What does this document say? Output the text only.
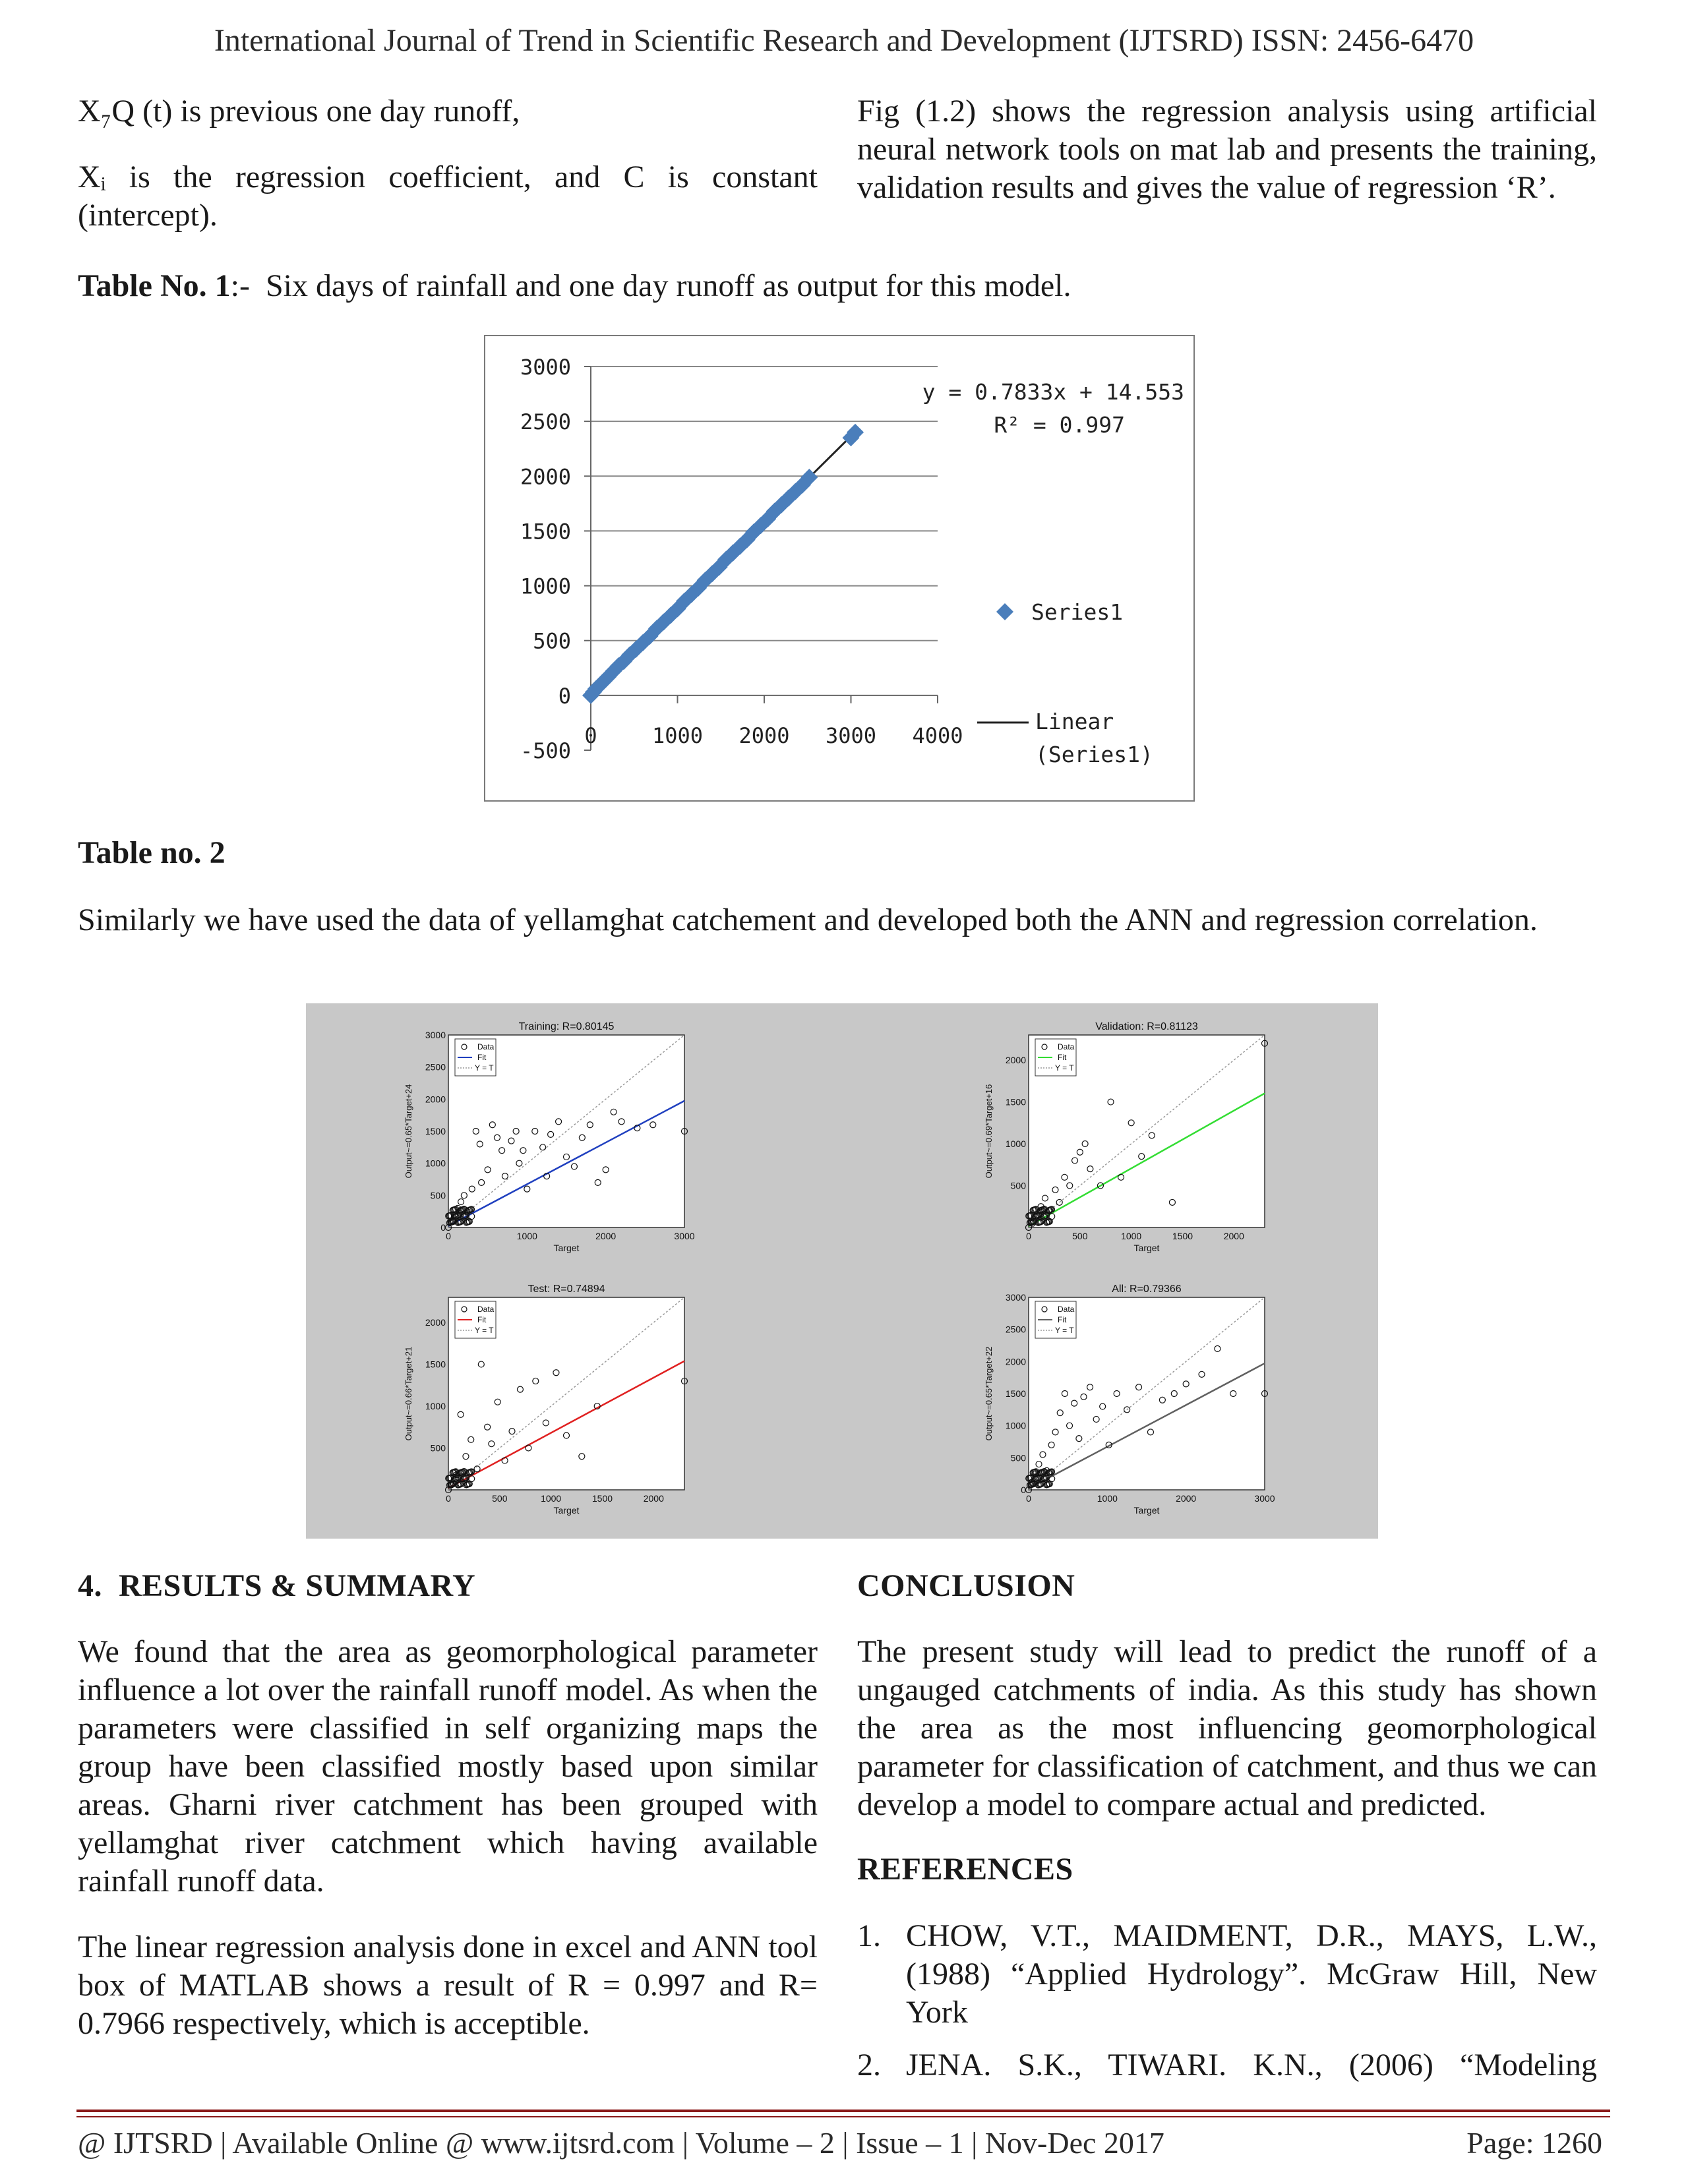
International Journal of Trend in Scientific Research and Development (IJTSRD) ISSN: 2456-6470
X₇Q (t) is previous one day runoff,
Xᵢ is the regression coefficient, and C is constant (intercept).
Fig (1.2) shows the regression analysis using artificial neural network tools on mat lab and presents the training, validation results and gives the value of regression ‘R’.
Table No. 1:- Six days of rainfall and one day runoff as output for this model.
3000
2500
2000
1500
1000
500
0
-500
0	1000 2000 3000 4000
y = 0.7833x + 14.553
R² = 0.997
Series1
Linear
(Series1)
Table no. 2
Similarly we have used the data of yellamghat catchement and developed both the ANN and regression correlation.
Training: R=0.80145
3000
2500
2000
1500
1000
500
0
0	1000	2000	3000
Target
Output~=0.65*Target+24
Data
Fit
Y = T
Validation: R=0.81123
2000
1500
1000
500
0	500	1000	1500	2000
Target
Output~=0.69*Target+16
Data
Fit
Y = T
Test: R=0.74894
2000
1500
1000
500
0	500	1000	1500	2000
Target
Output~=0.66*Target+21
Data
Fit
Y = T
All: R=0.79366
3000
2500
2000
1500
1000
500
0
0	1000	2000	3000
Target
Output~=0.65*Target+22
Data
Fit
Y = T
4.  RESULTS & SUMMARY
We found that the area as geomorphological parameter influence a lot over the rainfall runoff model. As when the parameters were classified in self organizing maps the group have been classified mostly based upon similar areas. Gharni river catchment has been grouped with yellamghat river catchment which having available rainfall runoff data.
The linear regression analysis done in excel and ANN tool box of MATLAB shows a result of R = 0.997 and R= 0.7966 respectively, which is acceptible.
CONCLUSION
The present study will lead to predict the runoff of a ungauged catchments of india. As this study has shown the area as the most influencing geomorphological parameter for classification of catchment, and thus we can develop a model to compare actual and predicted.
REFERENCES
1. CHOW, V.T., MAIDMENT, D.R., MAYS, L.W., (1988) “Applied Hydrology”. McGraw Hill, New York
2. JENA. S.K., TIWARI. K.N., (2006) “Modeling
@ IJTSRD | Available Online @ www.ijtsrd.com | Volume – 2 | Issue – 1 | Nov-Dec 2017	Page: 1260
